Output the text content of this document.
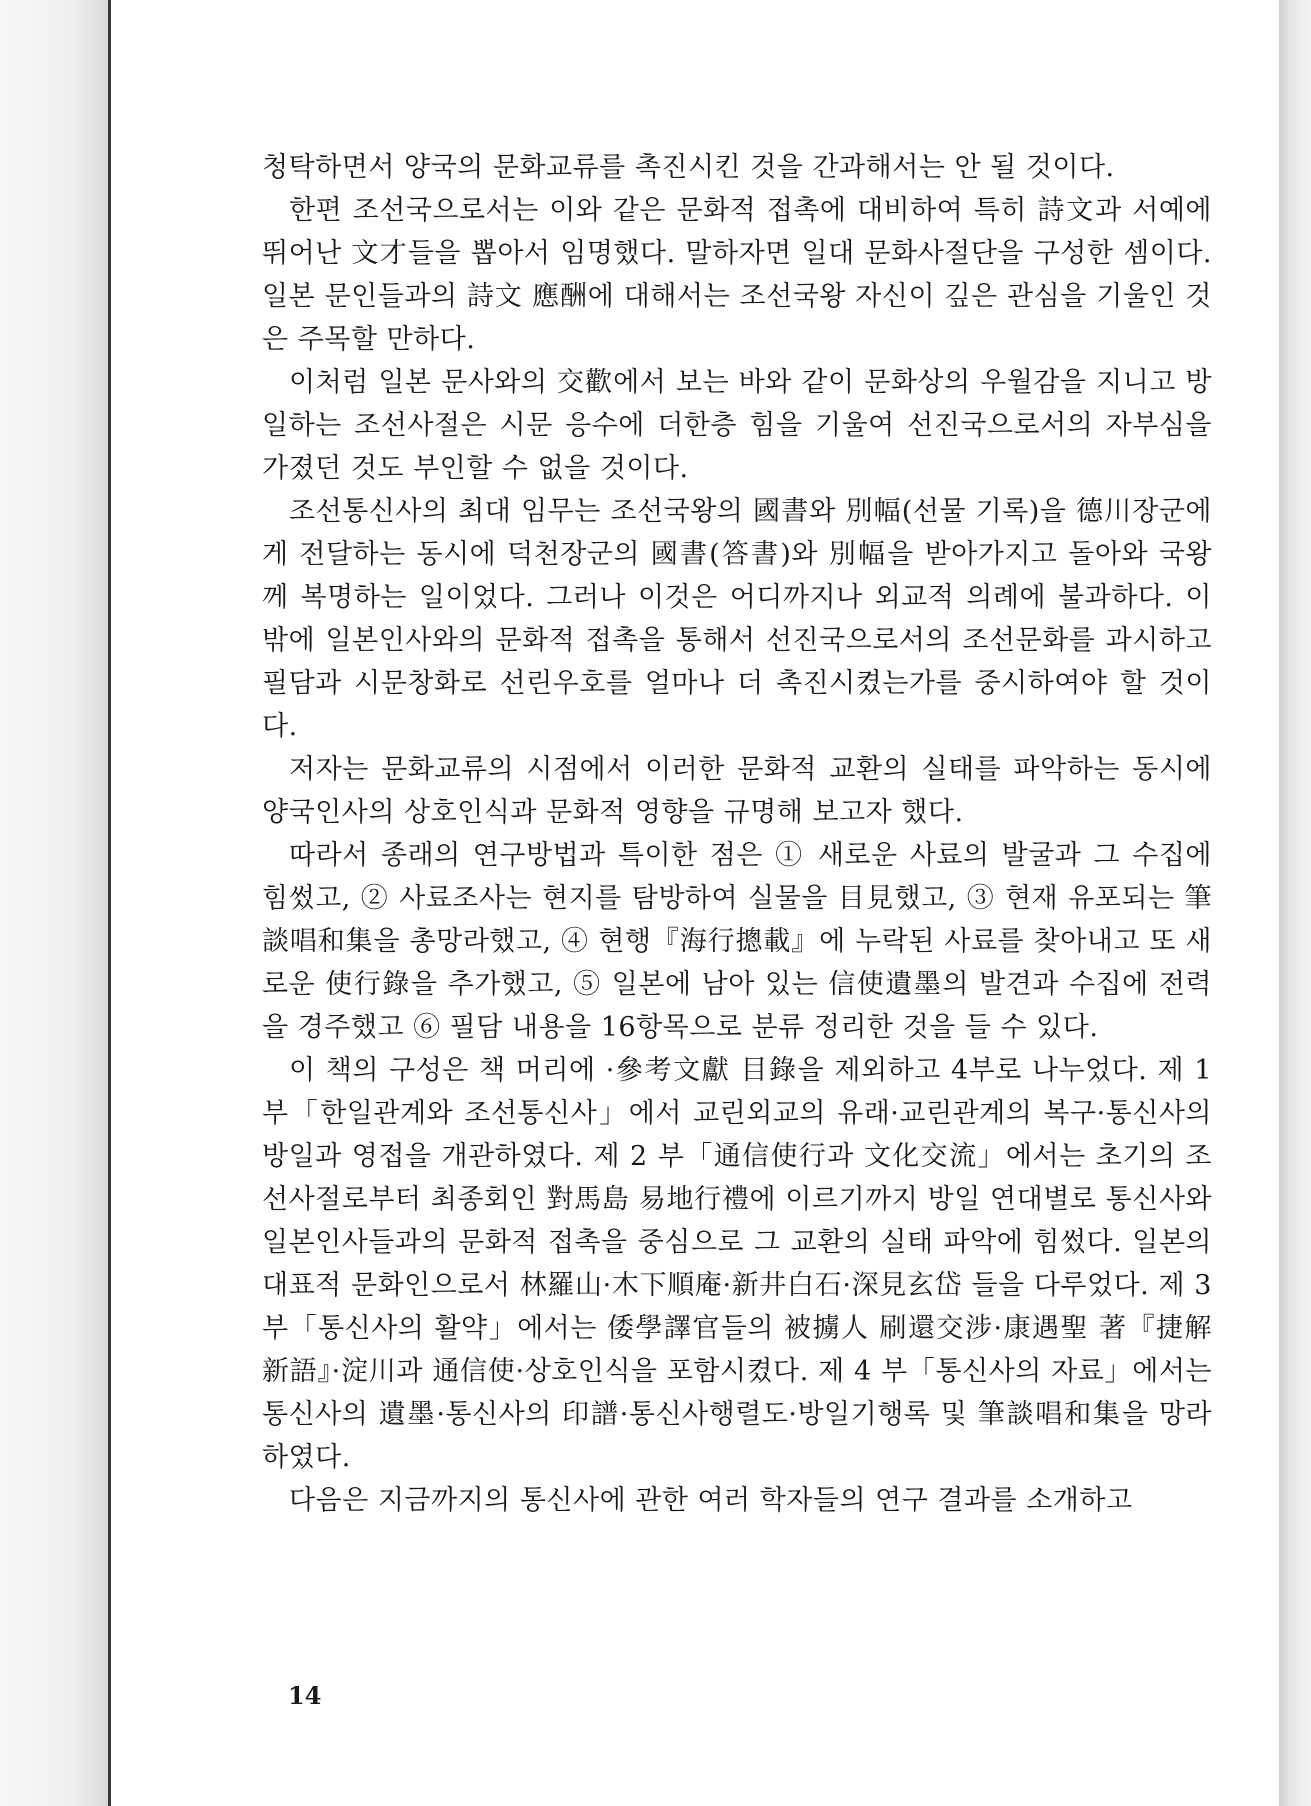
청탁하면서 양국의 문화교류를 촉진시킨 것을 간과해서는 안 될 것이다.

한편 조선국으로서는 이와 같은 문화적 접촉에 대비하여 특히 詩文과 서예에 뛰어난 文才들을 뽑아서 임명했다. 말하자면 일대 문화사절단을 구성한 셈이다. 일본 문인들과의 詩文 應酬에 대해서는 조선국왕 자신이 깊은 관심을 기울인 것은 주목할 만하다.

이처럼 일본 문사와의 交歡에서 보는 바와 같이 문화상의 우월감을 지니고 방일하는 조선사절은 시문 응수에 더한층 힘을 기울여 선진국으로서의 자부심을 가졌던 것도 부인할 수 없을 것이다.

조선통신사의 최대 임무는 조선국왕의 國書와 別幅(선물 기록)을 德川장군에게 전달하는 동시에 덕천장군의 國書(答書)와 別幅을 받아가지고 돌아와 국왕께 복명하는 일이었다. 그러나 이것은 어디까지나 외교적 의례에 불과하다. 이 밖에 일본인사와의 문화적 접촉을 통해서 선진국으로서의 조선문화를 과시하고 필담과 시문창화로 선린우호를 얼마나 더 촉진시켰는가를 중시하여야 할 것이다.

저자는 문화교류의 시점에서 이러한 문화적 교환의 실태를 파악하는 동시에 양국인사의 상호인식과 문화적 영향을 규명해 보고자 했다.

따라서 종래의 연구방법과 특이한 점은 ① 새로운 사료의 발굴과 그 수집에 힘썼고, ② 사료조사는 현지를 탐방하여 실물을 目見했고, ③ 현재 유포되는 筆談唱和集을 총망라했고, ④ 현행『海行摠載』에 누락된 사료를 찾아내고 또 새로운 使行錄을 추가했고, ⑤ 일본에 남아 있는 信使遺墨의 발견과 수집에 전력을 경주했고 ⑥ 필담 내용을 16항목으로 분류 정리한 것을 들 수 있다.

이 책의 구성은 책 머리에 ·參考文獻 目錄을 제외하고 4부로 나누었다. 제 1 부「한일관계와 조선통신사」에서 교린외교의 유래·교린관계의 복구·통신사의 방일과 영접을 개관하였다. 제 2 부「通信使行과 文化交流」에서는 초기의 조선사절로부터 최종회인 對馬島 易地行禮에 이르기까지 방일 연대별로 통신사와 일본인사들과의 문화적 접촉을 중심으로 그 교환의 실태 파악에 힘썼다. 일본의 대표적 문화인으로서 林羅山·木下順庵·新井白石·深見玄岱 들을 다루었다. 제 3 부「통신사의 활약」에서는 倭學譯官들의 被擄人 刷還交涉·康遇聖 著『捷解新語』·淀川과 通信使·상호인식을 포함시켰다. 제 4 부「통신사의 자료」에서는 통신사의 遺墨·통신사의 印譜·통신사행렬도·방일기행록 및 筆談唱和集을 망라하였다.

다음은 지금까지의 통신사에 관한 여러 학자들의 연구 결과를 소개하고

14
